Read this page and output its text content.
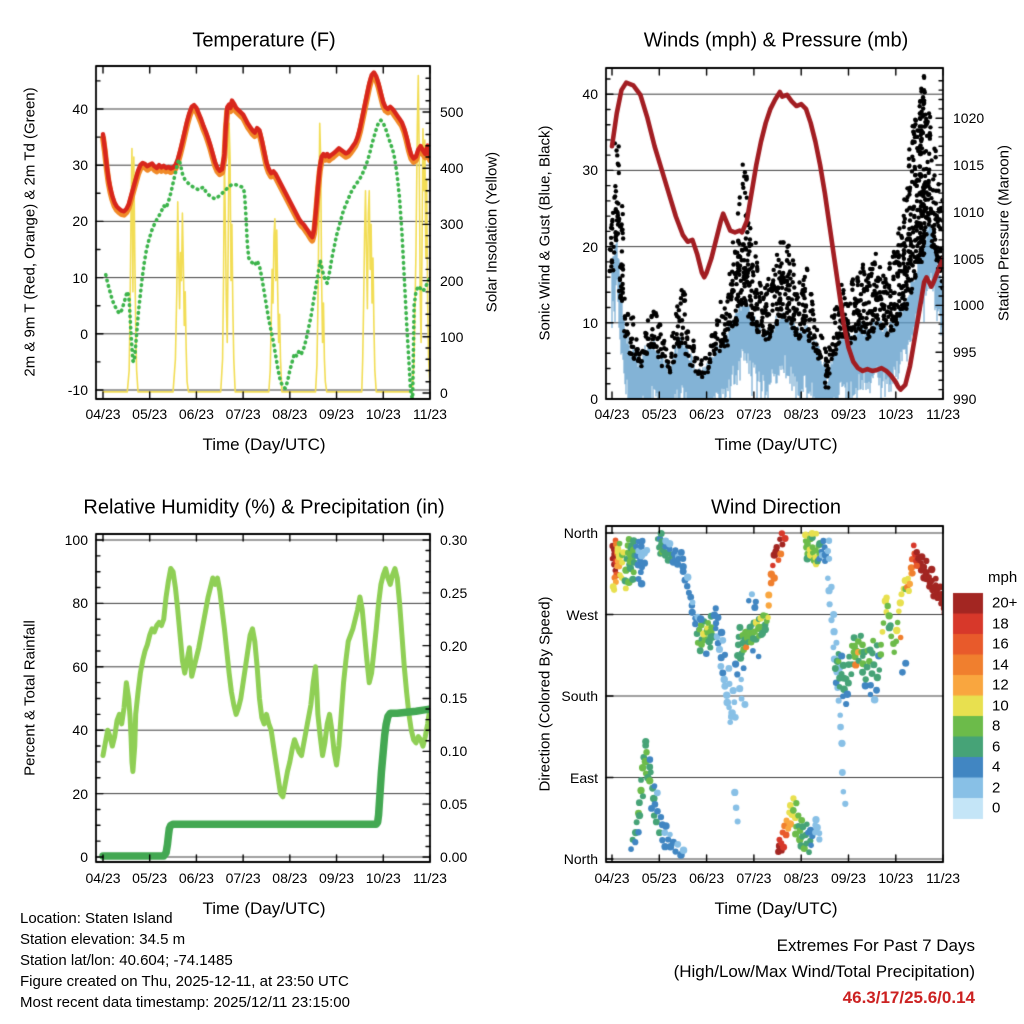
Temperature (F)	Winds (mph) & Pressure (mb)
Relative Humidity (%) & Precipitation (in)	Wind Direction
Time (Day/UTC)	Time (Day/UTC)
Time (Day/UTC)	Time (Day/UTC)
2m & 9m T (Red, Orange) & 2m Td (Green)	Solar Insolation (Yellow) Sonic Wind & Gust (Blue, Black)	Station Pressure (Maroon)
Percent & Total Rainfall	Direction (Colored By Speed)
mph
Location: Staten Island
Station elevation: 34.5 m
Station lat/lon: 40.604; -74.1485
Figure created on Thu, 2025-12-11, at 23:50 UTC
Most recent data timestamp: 2025/12/11 23:15:00
Extremes For Past 7 Days
(High/Low/Max Wind/Total Precipitation)
46.3/17/25.6/0.14
-10
0
10
20
30
40
0
100
200
300
400
500
04/23 05/23 06/23 07/23 08/23 09/23 10/23 11/23
0
10
20
30
40
990
995
1000
1005
1010
1015
1020
04/23 05/23 06/23 07/23 08/23 09/23 10/23 11/23
0
20
40
60
80
100
0.00
0.05
0.10
0.15
0.20
0.25
0.30
04/23 05/23 06/23 07/23 08/23 09/23 10/23 11/23
North
West
South
East
North
04/23 05/23 06/23 07/23 08/23 09/23 10/23 11/23
20+
18
16
14
12
10
8
6
4
2
0
